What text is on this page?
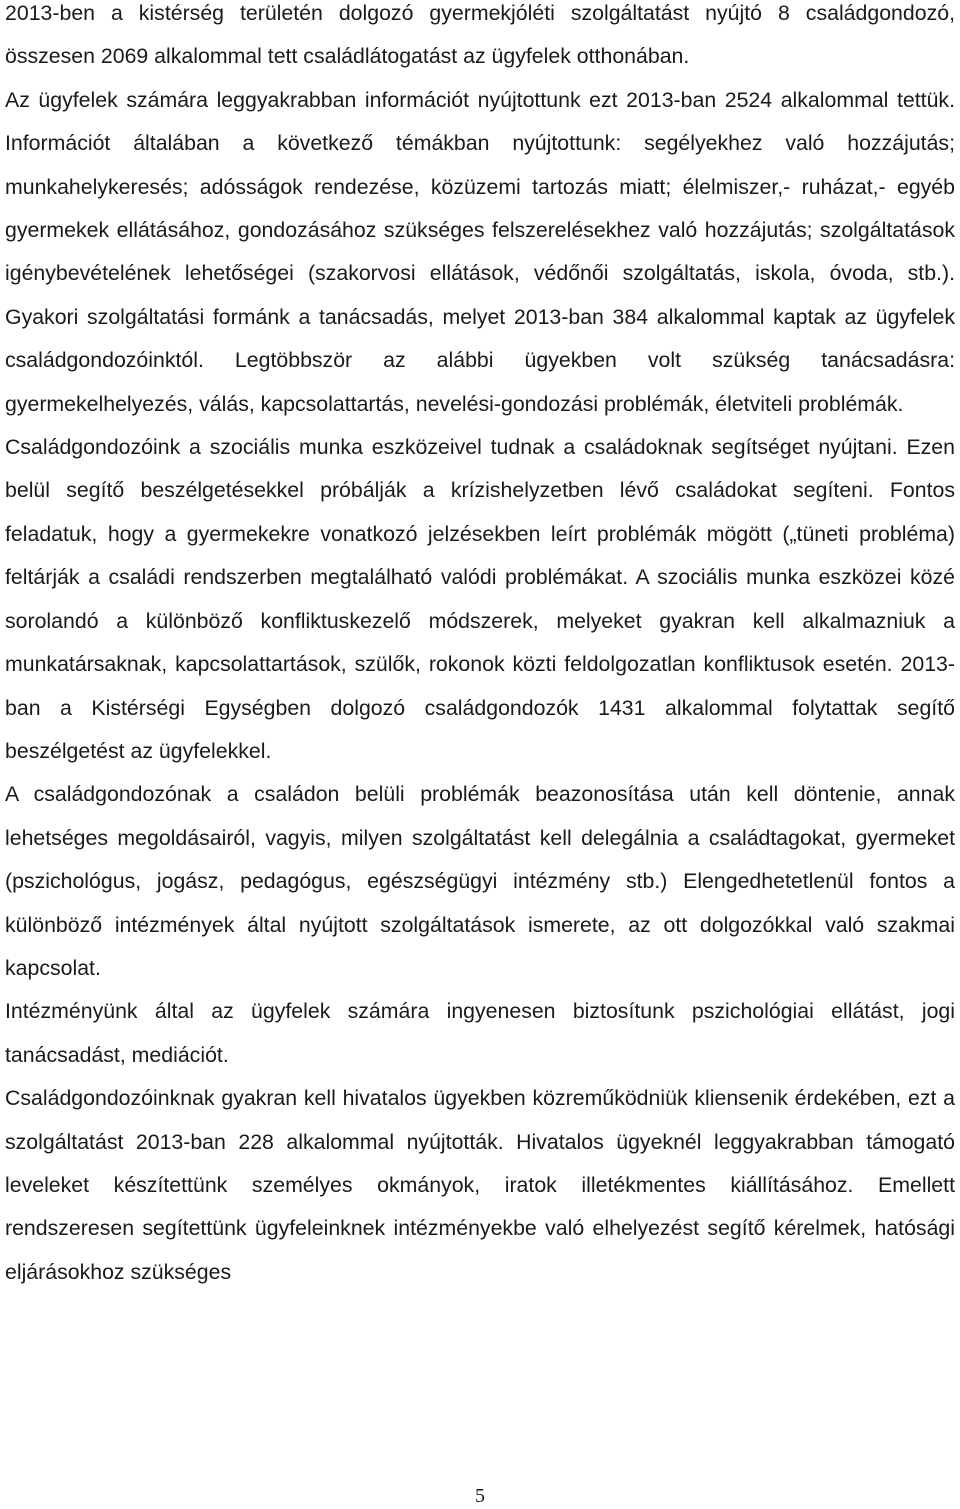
2013-ben a kistérség területén dolgozó gyermekjóléti szolgáltatást nyújtó 8 családgondozó, összesen 2069 alkalommal tett családlátogatást az ügyfelek otthonában.

Az ügyfelek számára leggyakrabban információt nyújtottunk ezt 2013-ban 2524 alkalommal tettük. Információt általában a következő témákban nyújtottunk: segélyekhez való hozzájutás; munkahelykeresés; adósságok rendezése, közüzemi tartozás miatt; élelmiszer,- ruházat,- egyéb gyermekek ellátásához, gondozásához szükséges felszerelésekhez való hozzájutás; szolgáltatások igénybevételének lehetőségei (szakorvosi ellátások, védőnői szolgáltatás, iskola, óvoda, stb.). Gyakori szolgáltatási formánk a tanácsadás, melyet 2013-ban 384 alkalommal kaptak az ügyfelek családgondozóinktól. Legtöbbször az alábbi ügyekben volt szükség tanácsadásra: gyermekelhelyezés, válás, kapcsolattartás, nevelési-gondozási problémák, életviteli problémák.

Családgondozóink a szociális munka eszközeivel tudnak a családoknak segítséget nyújtani. Ezen belül segítő beszélgetésekkel próbálják a krízishelyzetben lévő családokat segíteni. Fontos feladatuk, hogy a gyermekekre vonatkozó jelzésekben leírt problémák mögött („tüneti probléma) feltárják a családi rendszerben megtalálható valódi problémákat. A szociális munka eszközei közé sorolandó a különböző konfliktuskezelő módszerek, melyeket gyakran kell alkalmazniuk a munkatársaknak, kapcsolattartások, szülők, rokonok közti feldolgozatlan konfliktusok esetén. 2013-ban a Kistérségi Egységben dolgozó családgondozók 1431 alkalommal folytattak segítő beszélgetést az ügyfelekkel.

A családgondozónak a családon belüli problémák beazonosítása után kell döntenie, annak lehetséges megoldásairól, vagyis, milyen szolgáltatást kell delegálnia a családtagokat, gyermeket (pszichológus, jogász, pedagógus, egészségügyi intézmény stb.) Elengedhetetlenül fontos a különböző intézmények által nyújtott szolgáltatások ismerete, az ott dolgozókkal való szakmai kapcsolat.

Intézményünk által az ügyfelek számára ingyenesen biztosítunk pszichológiai ellátást, jogi tanácsadást, mediációt.

Családgondozóinknak gyakran kell hivatalos ügyekben közreműködniük kliensenik érdekében, ezt a szolgáltatást 2013-ban 228 alkalommal nyújtották. Hivatalos ügyeknél leggyakrabban támogató leveleket készítettünk személyes okmányok, iratok illetékmentes kiállításához. Emellett rendszeresen segítettünk ügyfeleinknek intézményekbe való elhelyezést segítő kérelmek, hatósági eljárásokhoz szükséges

5
